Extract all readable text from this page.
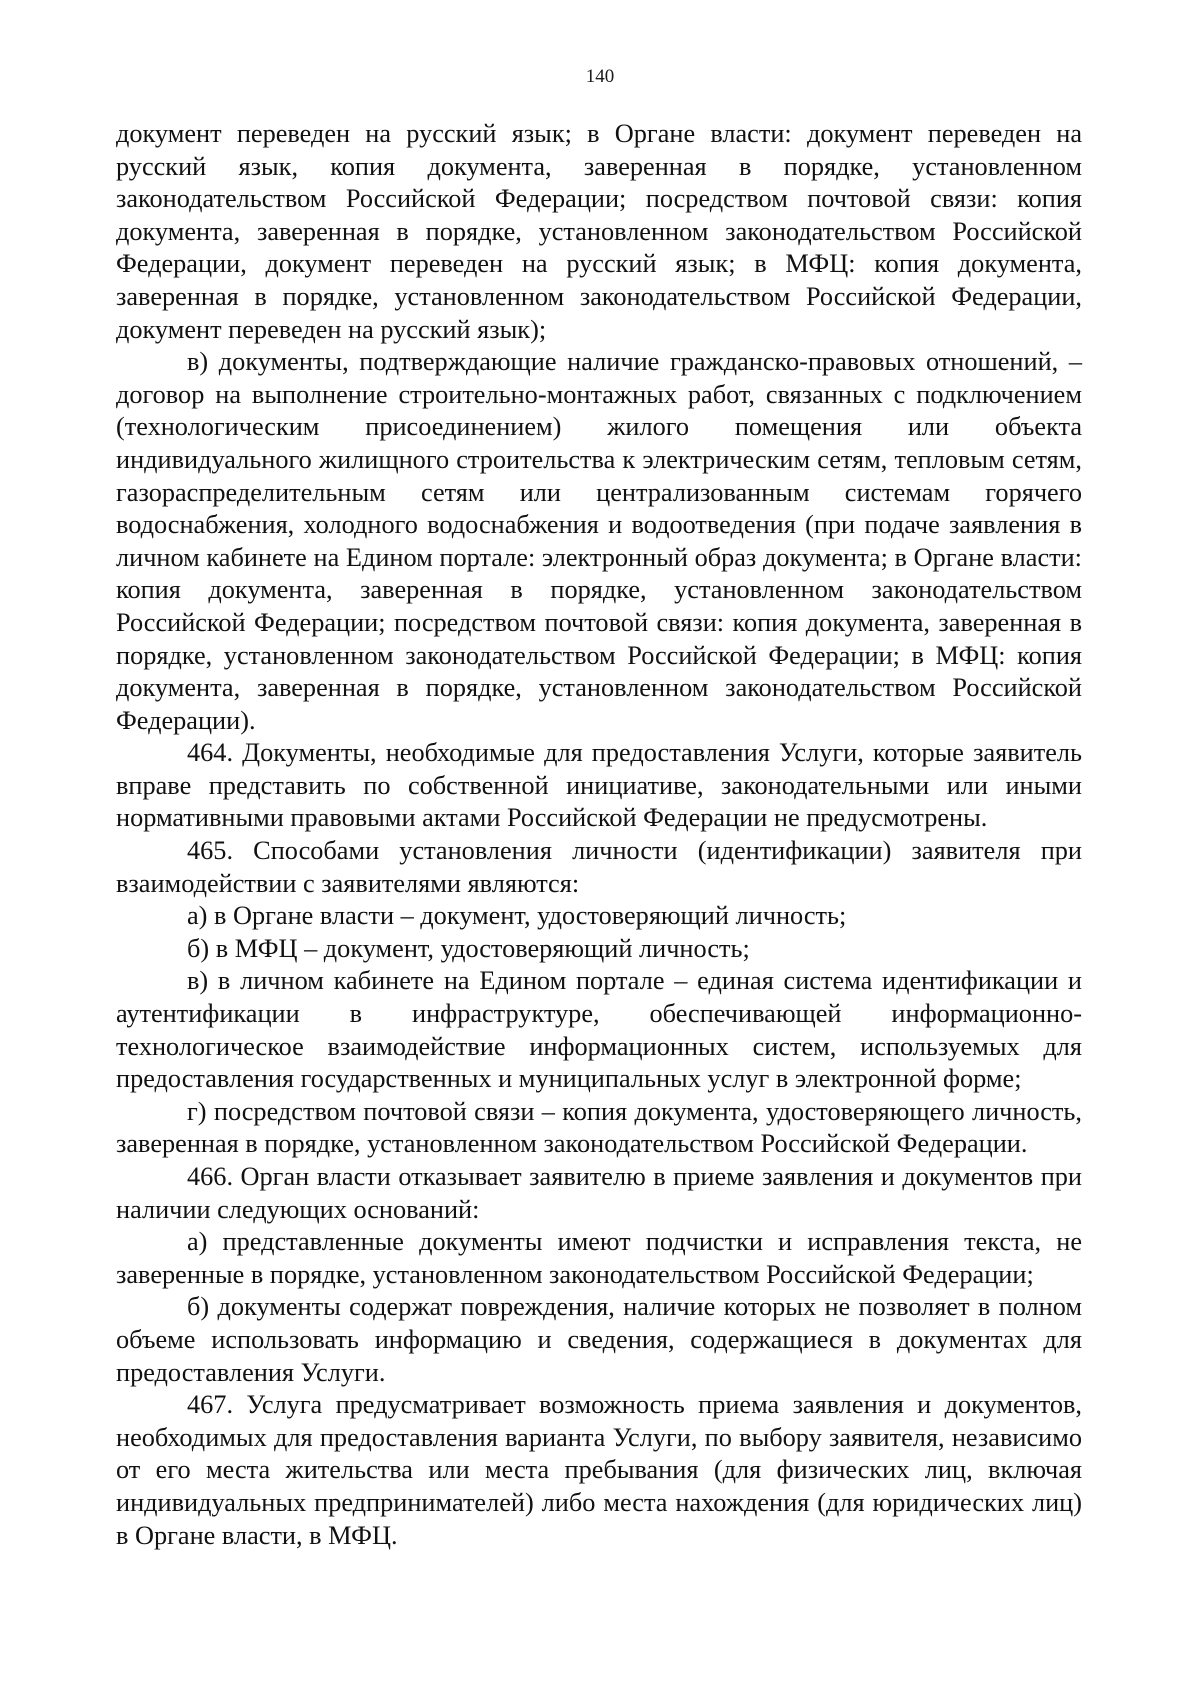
140

документ переведен на русский язык; в Органе власти: документ переведен на русский язык, копия документа, заверенная в порядке, установленном законодательством Российской Федерации; посредством почтовой связи: копия документа, заверенная в порядке, установленном законодательством Российской Федерации, документ переведен на русский язык; в МФЦ: копия документа, заверенная в порядке, установленном законодательством Российской Федерации, документ переведен на русский язык);

в) документы, подтверждающие наличие гражданско-правовых отношений, – договор на выполнение строительно-монтажных работ, связанных с подключением (технологическим присоединением) жилого помещения или объекта индивидуального жилищного строительства к электрическим сетям, тепловым сетям, газораспределительным сетям или централизованным системам горячего водоснабжения, холодного водоснабжения и водоотведения (при подаче заявления в личном кабинете на Едином портале: электронный образ документа; в Органе власти: копия документа, заверенная в порядке, установленном законодательством Российской Федерации; посредством почтовой связи: копия документа, заверенная в порядке, установленном законодательством Российской Федерации; в МФЦ: копия документа, заверенная в порядке, установленном законодательством Российской Федерации).

464. Документы, необходимые для предоставления Услуги, которые заявитель вправе представить по собственной инициативе, законодательными или иными нормативными правовыми актами Российской Федерации не предусмотрены.

465. Способами установления личности (идентификации) заявителя при взаимодействии с заявителями являются:

а) в Органе власти – документ, удостоверяющий личность;

б) в МФЦ – документ, удостоверяющий личность;

в) в личном кабинете на Едином портале – единая система идентификации и аутентификации в инфраструктуре, обеспечивающей информационно-технологическое взаимодействие информационных систем, используемых для предоставления государственных и муниципальных услуг в электронной форме;

г) посредством почтовой связи – копия документа, удостоверяющего личность, заверенная в порядке, установленном законодательством Российской Федерации.

466. Орган власти отказывает заявителю в приеме заявления и документов при наличии следующих оснований:

а) представленные документы имеют подчистки и исправления текста, не заверенные в порядке, установленном законодательством Российской Федерации;

б) документы содержат повреждения, наличие которых не позволяет в полном объеме использовать информацию и сведения, содержащиеся в документах для предоставления Услуги.

467. Услуга предусматривает возможность приема заявления и документов, необходимых для предоставления варианта Услуги, по выбору заявителя, независимо от его места жительства или места пребывания (для физических лиц, включая индивидуальных предпринимателей) либо места нахождения (для юридических лиц) в Органе власти, в МФЦ.
